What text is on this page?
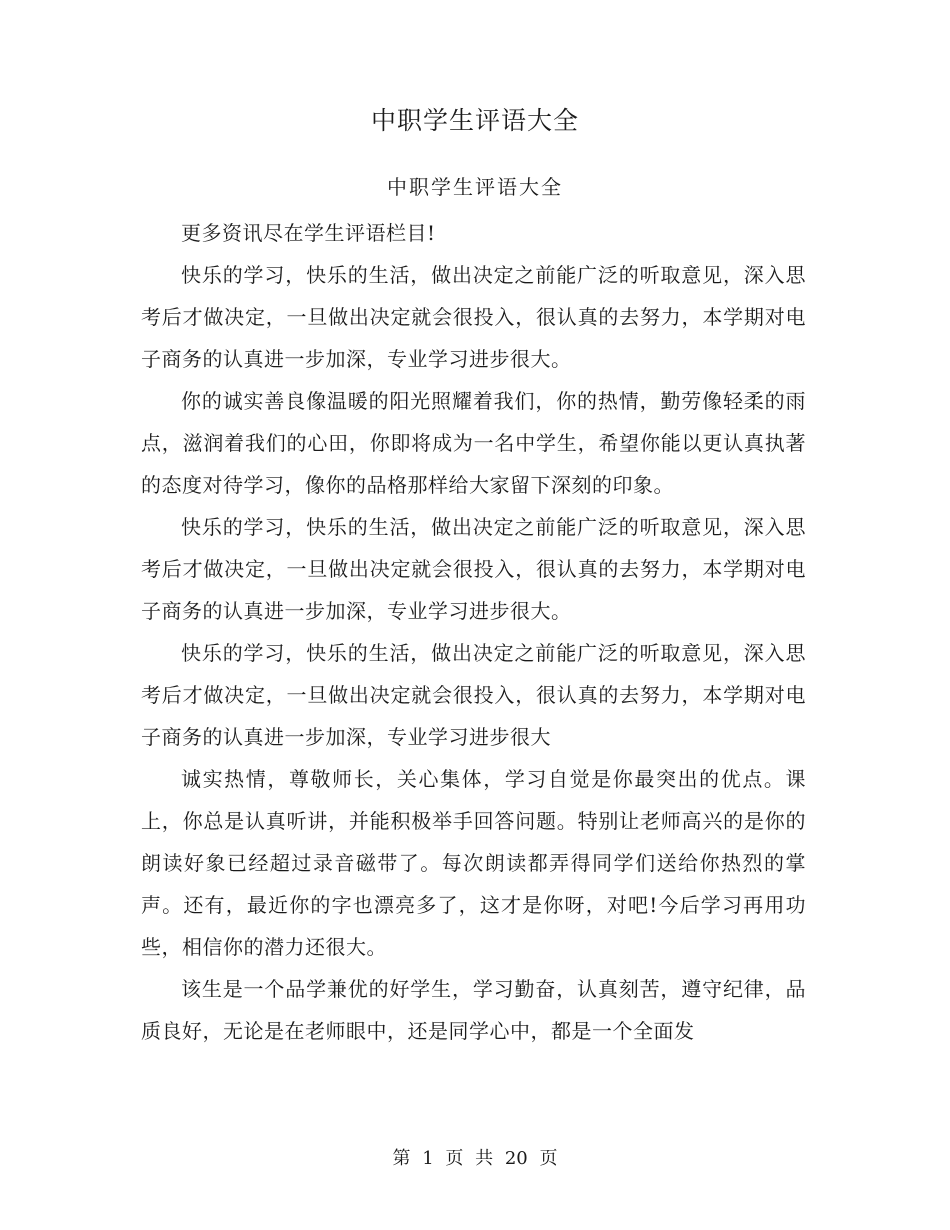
中职学生评语大全
中职学生评语大全

更多资讯尽在学生评语栏目!

快乐的学习，快乐的生活，做出决定之前能广泛的听取意见，深入思考后才做决定，一旦做出决定就会很投入，很认真的去努力，本学期对电子商务的认真进一步加深，专业学习进步很大。

你的诚实善良像温暖的阳光照耀着我们，你的热情，勤劳像轻柔的雨点，滋润着我们的心田，你即将成为一名中学生，希望你能以更认真执著的态度对待学习，像你的品格那样给大家留下深刻的印象。

快乐的学习，快乐的生活，做出决定之前能广泛的听取意见，深入思考后才做决定，一旦做出决定就会很投入，很认真的去努力，本学期对电子商务的认真进一步加深，专业学习进步很大。

快乐的学习，快乐的生活，做出决定之前能广泛的听取意见，深入思考后才做决定，一旦做出决定就会很投入，很认真的去努力，本学期对电子商务的认真进一步加深，专业学习进步很大

诚实热情，尊敬师长，关心集体，学习自觉是你最突出的优点。课上，你总是认真听讲，并能积极举手回答问题。特别让老师高兴的是你的朗读好象已经超过录音磁带了。每次朗读都弄得同学们送给你热烈的掌声。还有，最近你的字也漂亮多了，这才是你呀，对吧!今后学习再用功些，相信你的潜力还很大。

该生是一个品学兼优的好学生，学习勤奋，认真刻苦，遵守纪律，品质良好，无论是在老师眼中，还是同学心中，都是一个全面发

第 1 页 共 20 页
